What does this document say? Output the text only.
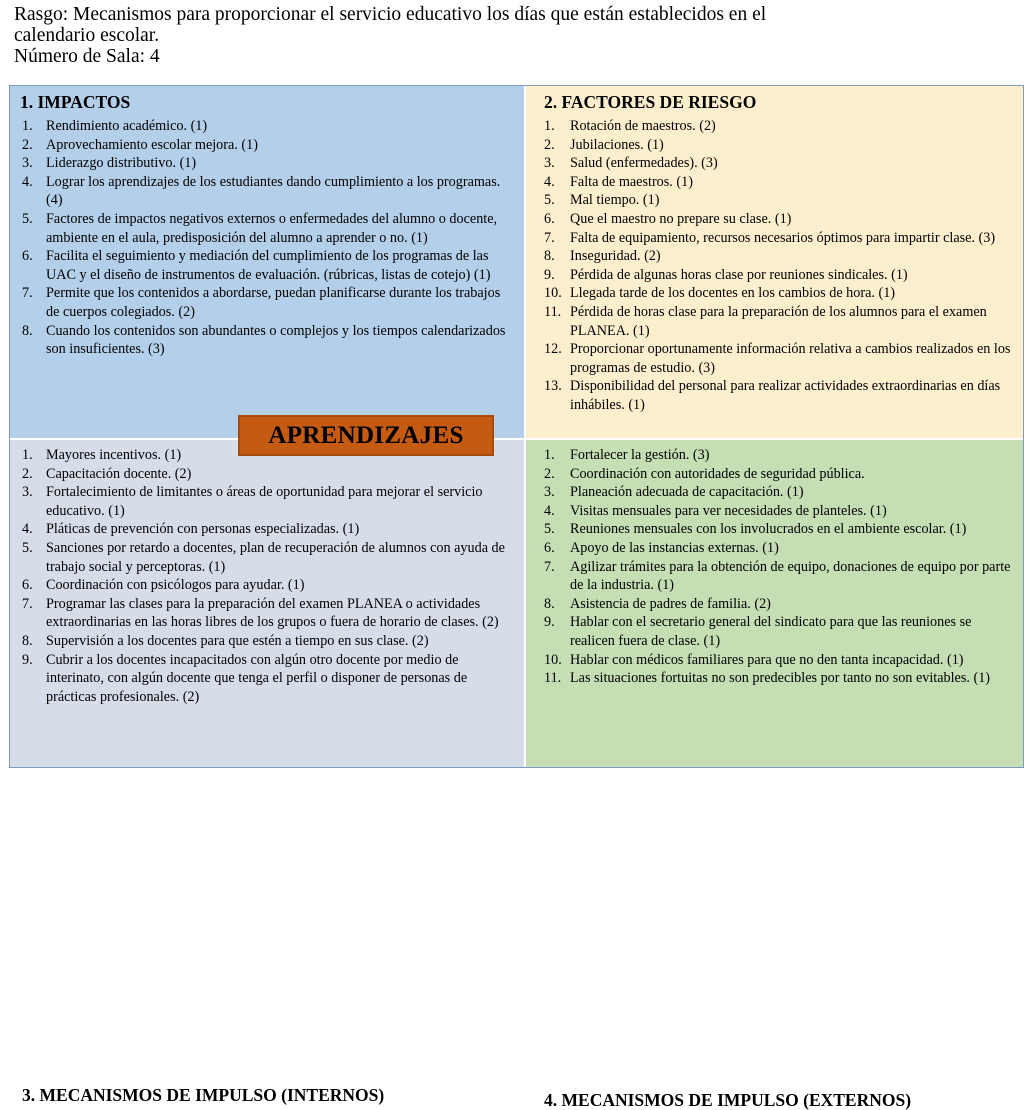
Rasgo: Mecanismos para proporcionar el servicio educativo los días que están establecidos en el
calendario escolar.
Número de Sala: 4
1. IMPACTOS
1. Rendimiento académico. (1)
2. Aprovechamiento escolar mejora. (1)
3. Liderazgo distributivo. (1)
4. Lograr los aprendizajes de los estudiantes dando cumplimiento a los programas. (4)
5. Factores de impactos negativos externos o enfermedades del alumno o docente, ambiente en el aula, predisposición del alumno a aprender o no. (1)
6. Facilita el seguimiento y mediación del cumplimiento de los programas de las UAC y el diseño de instrumentos de evaluación. (rúbricas, listas de cotejo) (1)
7. Permite que los contenidos a abordarse, puedan planificarse durante los trabajos de cuerpos colegiados. (2)
8. Cuando los contenidos son abundantes o complejos y los tiempos calendarizados son insuficientes. (3)
2. FACTORES DE RIESGO
1. Rotación de maestros. (2)
2. Jubilaciones. (1)
3. Salud (enfermedades). (3)
4. Falta de maestros. (1)
5. Mal tiempo. (1)
6. Que el maestro no prepare su clase. (1)
7. Falta de equipamiento, recursos necesarios óptimos para impartir clase. (3)
8. Inseguridad. (2)
9. Pérdida de algunas horas clase por reuniones sindicales. (1)
10. Llegada tarde de los docentes en los cambios de hora. (1)
11. Pérdida de horas clase para la preparación de los alumnos para el examen PLANEA. (1)
12. Proporcionar oportunamente información relativa a cambios realizados en los programas de estudio. (3)
13. Disponibilidad del personal para realizar actividades extraordinarias en días inhábiles. (1)
1. Mayores incentivos. (1)
2. Capacitación docente. (2)
3. Fortalecimiento de limitantes o áreas de oportunidad para mejorar el servicio educativo. (1)
4. Pláticas de prevención con personas especializadas. (1)
5. Sanciones por retardo a docentes, plan de recuperación de alumnos con ayuda de trabajo social y perceptoras. (1)
6. Coordinación con psicólogos para ayudar. (1)
7. Programar las clases para la preparación del examen PLANEA o actividades extraordinarias en las horas libres de los grupos o fuera de horario de clases. (2)
8. Supervisión a los docentes para que estén a tiempo en sus clase. (2)
9. Cubrir a los docentes incapacitados con algún otro docente por medio de interinato, con algún docente que tenga el perfil o disponer de personas de prácticas profesionales. (2)
3. MECANISMOS DE IMPULSO (INTERNOS)
1. Fortalecer la gestión. (3)
2. Coordinación con autoridades de seguridad pública.
3. Planeación adecuada de capacitación. (1)
4. Visitas mensuales para ver necesidades de planteles. (1)
5. Reuniones mensuales con los involucrados en el ambiente escolar. (1)
6. Apoyo de las instancias externas. (1)
7. Agilizar trámites para la obtención de equipo, donaciones de equipo por parte de la industria. (1)
8. Asistencia de padres de familia. (2)
9. Hablar con el secretario general del sindicato para que las reuniones se realicen fuera de clase. (1)
10. Hablar con médicos familiares para que no den tanta incapacidad. (1)
11. Las situaciones fortuitas no son predecibles por tanto no son evitables. (1)
4. MECANISMOS DE IMPULSO (EXTERNOS)
APRENDIZAJES
